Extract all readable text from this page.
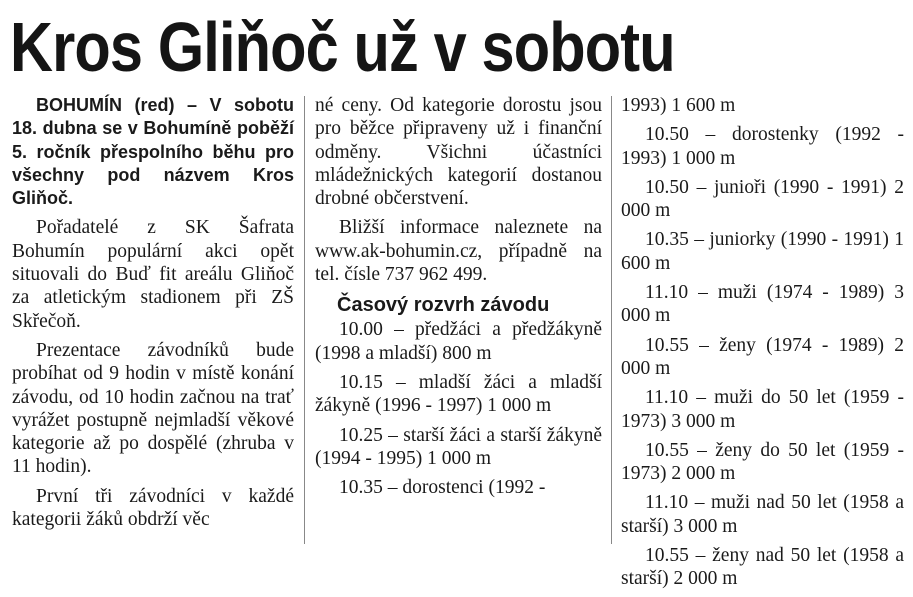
Kros Gliňoč už v sobotu

BOHUMÍN (red) – V sobotu 18. dubna se v Bohumíně poběží 5. ročník přespolního běhu pro všechny pod názvem Kros Gliňoč.

Pořadatelé z SK Šafrata Bohumín populární akci opět situovali do Buď fit areálu Gliňoč za atletickým stadionem při ZŠ Skřečoň.

Prezentace závodníků bude probíhat od 9 hodin v místě konání závodu, od 10 hodin začnou na trať vyrážet postupně nejmladší věkové kategorie až po dospělé (zhruba v 11 hodin).

První tři závodníci v každé kategorii žáků obdrží věc

né ceny. Od kategorie dorostu jsou pro běžce připraveny už i finanční odměny. Všichni účastníci mládežnických kategorií dostanou drobné občerstvení.

Bližší informace naleznete na www.ak-bohumin.cz, případně na tel. čísle 737 962 499.

Časový rozvrh závodu

10.00 – předžáci a předžákyně (1998 a mladší) 800 m

10.15 – mladší žáci a mladší žákyně (1996 - 1997) 1 000 m

10.25 – starší žáci a starší žákyně (1994 - 1995) 1 000 m

10.35 – dorostenci (1992 -

1993) 1 600 m

10.50 – dorostenky (1992 - 1993) 1 000 m

10.50 – junioři (1990 - 1991) 2 000 m

10.35 – juniorky (1990 - 1991) 1 600 m

11.10 – muži (1974 - 1989) 3 000 m

10.55 – ženy (1974 - 1989) 2 000 m

11.10 – muži do 50 let (1959 - 1973) 3 000 m

10.55 – ženy do 50 let (1959 - 1973) 2 000 m

11.10 – muži nad 50 let (1958 a starší) 3 000 m

10.55 – ženy nad 50 let (1958 a starší) 2 000 m
